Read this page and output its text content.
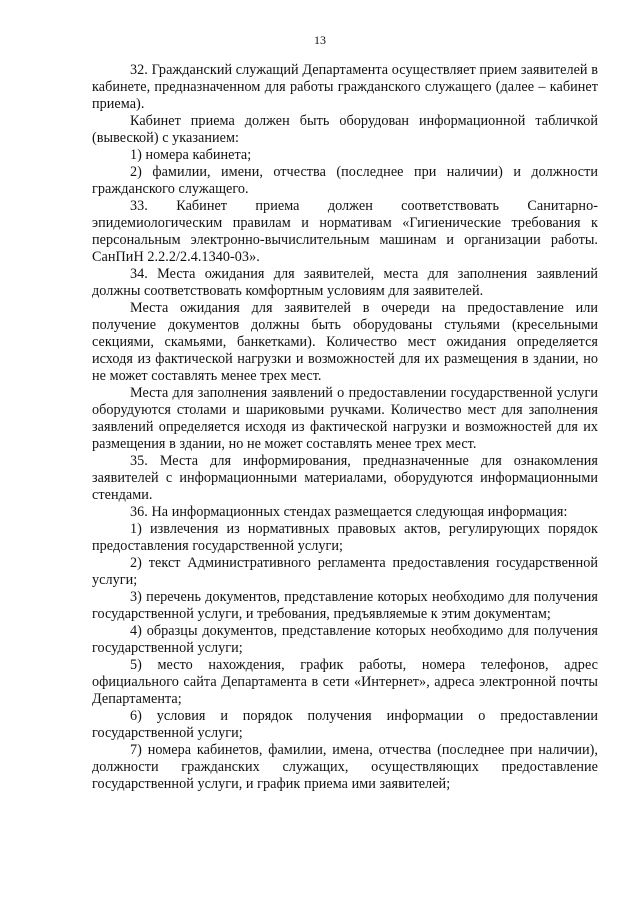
13

32. Гражданский служащий Департамента осуществляет прием заявителей в кабинете, предназначенном для работы гражданского служащего (далее – кабинет приема).

Кабинет приема должен быть оборудован информационной табличкой (вывеской) с указанием:

1) номера кабинета;

2) фамилии, имени, отчества (последнее при наличии) и должности гражданского служащего.

33. Кабинет приема должен соответствовать Санитарно-эпидемиологическим правилам и нормативам «Гигиенические требования к персональным электронно-вычислительным машинам и организации работы. СанПиН 2.2.2/2.4.1340-03».

34. Места ожидания для заявителей, места для заполнения заявлений должны соответствовать комфортным условиям для заявителей.

Места ожидания для заявителей в очереди на предоставление или получение документов должны быть оборудованы стульями (кресельными секциями, скамьями, банкетками). Количество мест ожидания определяется исходя из фактической нагрузки и возможностей для их размещения в здании, но не может составлять менее трех мест.

Места для заполнения заявлений о предоставлении государственной услуги оборудуются столами и шариковыми ручками. Количество мест для заполнения заявлений определяется исходя из фактической нагрузки и возможностей для их размещения в здании, но не может составлять менее трех мест.

35. Места для информирования, предназначенные для ознакомления заявителей с информационными материалами, оборудуются информационными стендами.

36. На информационных стендах размещается следующая информация:

1) извлечения из нормативных правовых актов, регулирующих порядок предоставления государственной услуги;

2) текст Административного регламента предоставления государственной услуги;

3) перечень документов, представление которых необходимо для получения государственной услуги, и требования, предъявляемые к этим документам;

4) образцы документов, представление которых необходимо для получения государственной услуги;

5) место нахождения, график работы, номера телефонов, адрес официального сайта Департамента в сети «Интернет», адреса электронной почты Департамента;

6) условия и порядок получения информации о предоставлении государственной услуги;

7) номера кабинетов, фамилии, имена, отчества (последнее при наличии), должности гражданских служащих, осуществляющих предоставление государственной услуги, и график приема ими заявителей;
